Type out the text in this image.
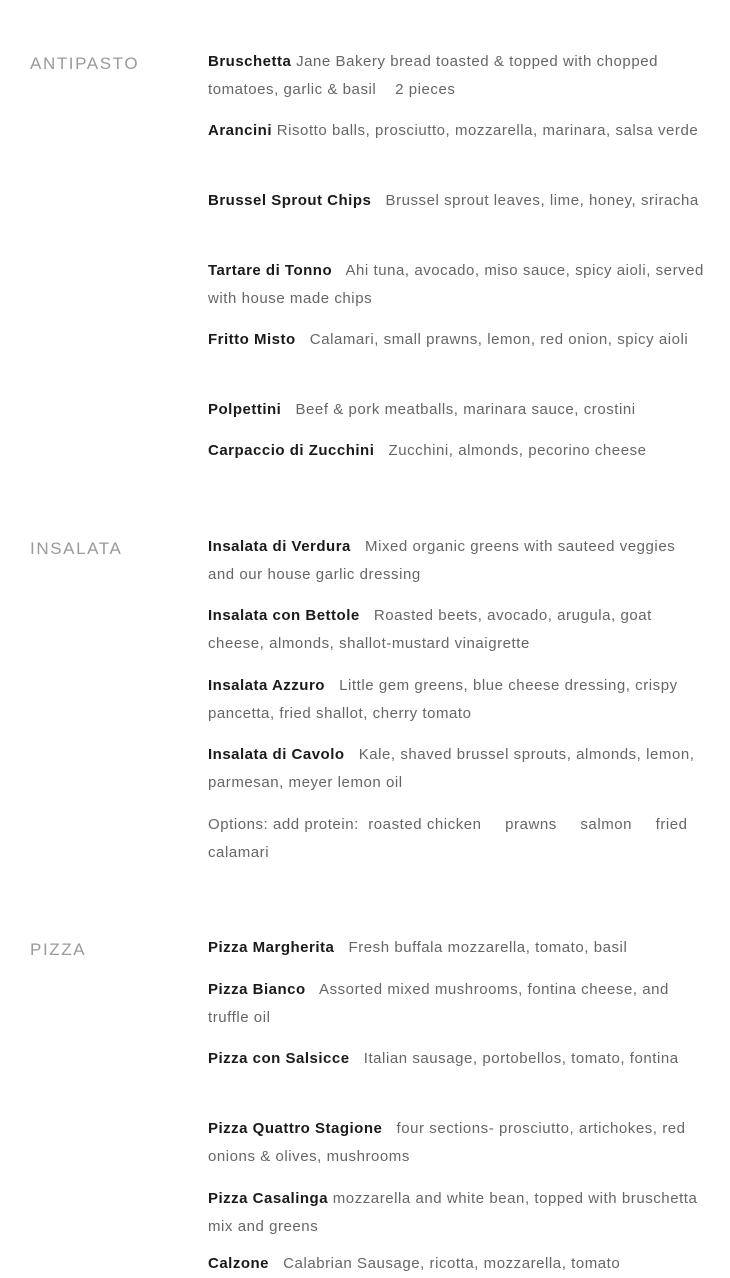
ANTIPASTO	Bruschetta Jane Bakery bread toasted & topped with chopped tomatoes, garlic & basil    2 pieces

Arancini Risotto balls, prosciutto, mozzarella, marinara, salsa verde

Brussel Sprout Chips   Brussel sprout leaves, lime, honey, sriracha

Tartare di Tonno   Ahi tuna, avocado, miso sauce, spicy aioli, served with house made chips

Fritto Misto   Calamari, small prawns, lemon, red onion, spicy aioli

Polpettini   Beef & pork meatballs, marinara sauce, crostini

Carpaccio di Zucchini   Zucchini, almonds, pecorino cheese

INSALATA	Insalata di Verdura   Mixed organic greens with sauteed veggies and our house garlic dressing

Insalata con Bettole   Roasted beets, avocado, arugula, goat cheese, almonds, shallot-mustard vinaigrette

Insalata Azzuro   Little gem greens, blue cheese dressing, crispy pancetta, fried shallot, cherry tomato

Insalata di Cavolo   Kale, shaved brussel sprouts, almonds, lemon, parmesan, meyer lemon oil

Options: add protein:  roasted chicken     prawns     salmon     fried calamari

PIZZA	Pizza Margherita   Fresh buffala mozzarella, tomato, basil

Pizza Bianco   Assorted mixed mushrooms, fontina cheese, and truffle oil

Pizza con Salsicce   Italian sausage, portobellos, tomato, fontina

Pizza Quattro Stagione   four sections- prosciutto, artichokes, red onions & olives, mushrooms

Pizza Casalinga mozzarella and white bean, topped with bruschetta mix and greens

Calzone   Calabrian Sausage, ricotta, mozzarella, tomato
